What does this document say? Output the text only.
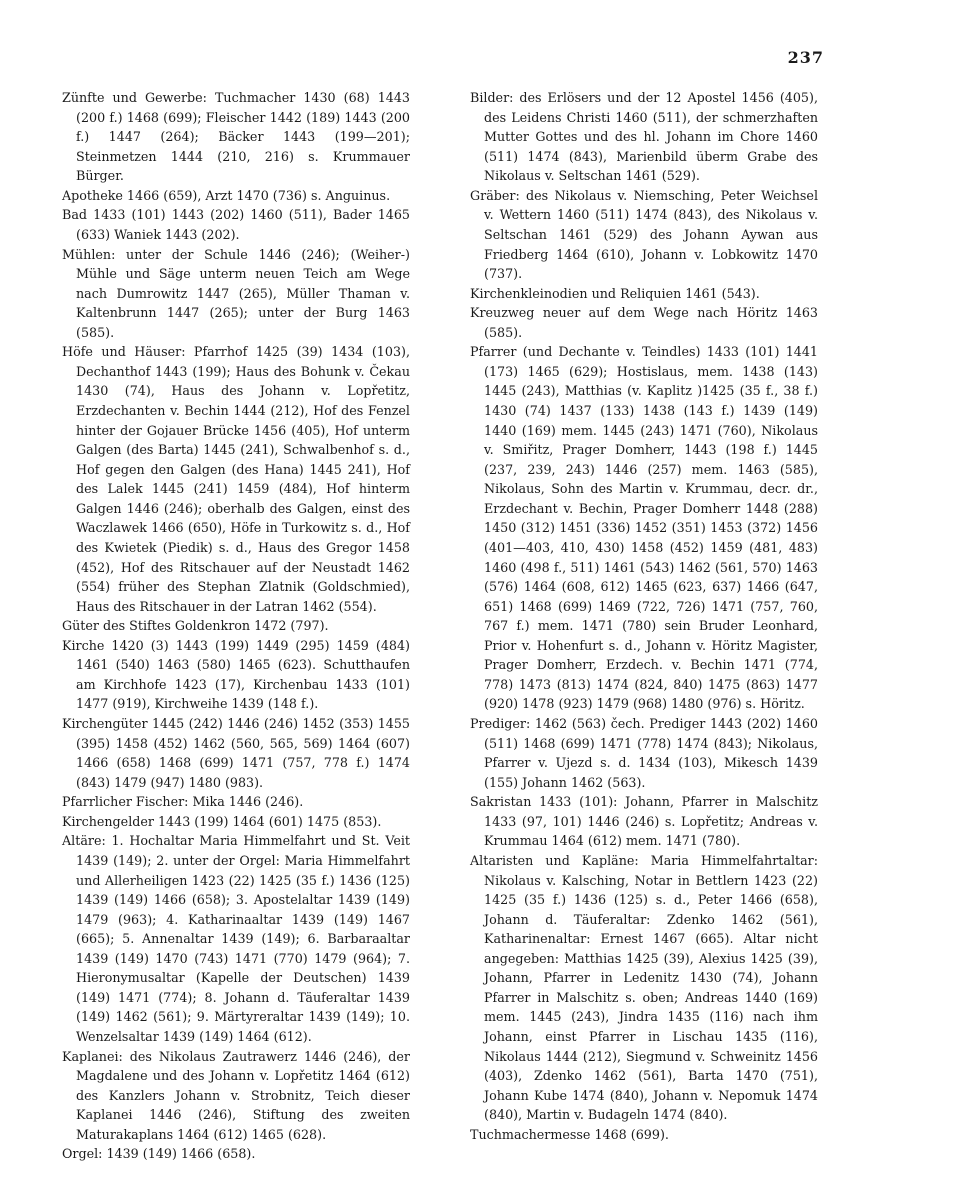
237

Zünfte und Gewerbe: Tuchmacher 1430 (68) 1443 (200 f.) 1468 (699); Fleischer 1442 (189) 1443 (200 f.) 1447 (264); Bäcker 1443 (199—201); Steinmetzen 1444 (210, 216) s. Krummauer Bürger.

Apotheke 1466 (659), Arzt 1470 (736) s. Anguinus.

Bad 1433 (101) 1443 (202) 1460 (511), Bader 1465 (633) Waniek 1443 (202).

Mühlen: unter der Schule 1446 (246); (Weiher-) Mühle und Säge unterm neuen Teich am Wege nach Dumrowitz 1447 (265), Müller Thaman v. Kaltenbrunn 1447 (265); unter der Burg 1463 (585).

Höfe und Häuser: Pfarrhof 1425 (39) 1434 (103), Dechanthof 1443 (199); Haus des Bohunk v. Čekau 1430 (74), Haus des Johann v. Lopřetitz, Erzdechanten v. Bechin 1444 (212), Hof des Fenzel hinter der Gojauer Brücke 1456 (405), Hof unterm Galgen (des Barta) 1445 (241), Schwalbenhof s. d., Hof gegen den Galgen (des Hana) 1445 241), Hof des Lalek 1445 (241) 1459 (484), Hof hinterm Galgen 1446 (246); oberhalb des Galgen, einst des Waczlawek 1466 (650), Höfe in Turkowitz s. d., Hof des Kwietek (Piedik) s. d., Haus des Gregor 1458 (452), Hof des Ritschauer auf der Neustadt 1462 (554) früher des Stephan Zlatnik (Goldschmied), Haus des Ritschauer in der Latran 1462 (554).

Güter des Stiftes Goldenkron 1472 (797).

Kirche 1420 (3) 1443 (199) 1449 (295) 1459 (484) 1461 (540) 1463 (580) 1465 (623). Schutthaufen am Kirchhofe 1423 (17), Kirchenbau 1433 (101) 1477 (919), Kirchweihe 1439 (148 f.).

Kirchengüter 1445 (242) 1446 (246) 1452 (353) 1455 (395) 1458 (452) 1462 (560, 565, 569) 1464 (607) 1466 (658) 1468 (699) 1471 (757, 778 f.) 1474 (843) 1479 (947) 1480 (983).

Pfarrlicher Fischer: Mika 1446 (246).

Kirchengelder 1443 (199) 1464 (601) 1475 (853).

Altäre: 1. Hochaltar Maria Himmelfahrt und St. Veit 1439 (149); 2. unter der Orgel: Maria Himmelfahrt und Allerheiligen 1423 (22) 1425 (35 f.) 1436 (125) 1439 (149) 1466 (658); 3. Apostelaltar 1439 (149) 1479 (963); 4. Katharinaaltar 1439 (149) 1467 (665); 5. Annenaltar 1439 (149); 6. Barbaraaltar 1439 (149) 1470 (743) 1471 (770) 1479 (964); 7. Hieronymusaltar (Kapelle der Deutschen) 1439 (149) 1471 (774); 8. Johann d. Täuferaltar 1439 (149) 1462 (561); 9. Märtyreraltar 1439 (149); 10. Wenzelsaltar 1439 (149) 1464 (612).

Kaplanei: des Nikolaus Zautrawerz 1446 (246), der Magdalene und des Johann v. Lopřetitz 1464 (612) des Kanzlers Johann v. Strobnitz, Teich dieser Kaplanei 1446 (246), Stiftung des zweiten Maturakaplans 1464 (612) 1465 (628).

Orgel: 1439 (149) 1466 (658).

Bilder: des Erlösers und der 12 Apostel 1456 (405), des Leidens Christi 1460 (511), der schmerzhaften Mutter Gottes und des hl. Johann im Chore 1460 (511) 1474 (843), Marienbild überm Grabe des Nikolaus v. Seltschan 1461 (529).

Gräber: des Nikolaus v. Niemsching, Peter Weichsel v. Wettern 1460 (511) 1474 (843), des Nikolaus v. Seltschan 1461 (529) des Johann Aywan aus Friedberg 1464 (610), Johann v. Lobkowitz 1470 (737).

Kirchenkleinodien und Reliquien 1461 (543).

Kreuzweg neuer auf dem Wege nach Höritz 1463 (585).

Pfarrer (und Dechante v. Teindles) 1433 (101) 1441 (173) 1465 (629); Hostislaus, mem. 1438 (143) 1445 (243), Matthias (v. Kaplitz )1425 (35 f., 38 f.) 1430 (74) 1437 (133) 1438 (143 f.) 1439 (149) 1440 (169) mem. 1445 (243) 1471 (760), Nikolaus v. Smiřitz, Prager Domherr, 1443 (198 f.) 1445 (237, 239, 243) 1446 (257) mem. 1463 (585), Nikolaus, Sohn des Martin v. Krummau, decr. dr., Erzdechant v. Bechin, Prager Domherr 1448 (288) 1450 (312) 1451 (336) 1452 (351) 1453 (372) 1456 (401—403, 410, 430) 1458 (452) 1459 (481, 483) 1460 (498 f., 511) 1461 (543) 1462 (561, 570) 1463 (576) 1464 (608, 612) 1465 (623, 637) 1466 (647, 651) 1468 (699) 1469 (722, 726) 1471 (757, 760, 767 f.) mem. 1471 (780) sein Bruder Leonhard, Prior v. Hohenfurt s. d., Johann v. Höritz Magister, Prager Domherr, Erzdech. v. Bechin 1471 (774, 778) 1473 (813) 1474 (824, 840) 1475 (863) 1477 (920) 1478 (923) 1479 (968) 1480 (976) s. Höritz.

Prediger: 1462 (563) čech. Prediger 1443 (202) 1460 (511) 1468 (699) 1471 (778) 1474 (843); Nikolaus, Pfarrer v. Ujezd s. d. 1434 (103), Mikesch 1439 (155) Johann 1462 (563).

Sakristan 1433 (101): Johann, Pfarrer in Malschitz 1433 (97, 101) 1446 (246) s. Lopřetitz; Andreas v. Krummau 1464 (612) mem. 1471 (780).

Altaristen und Kapläne: Maria Himmelfahrtaltar: Nikolaus v. Kalsching, Notar in Bettlern 1423 (22) 1425 (35 f.) 1436 (125) s. d., Peter 1466 (658), Johann d. Täuferaltar: Zdenko 1462 (561), Katharinenaltar: Ernest 1467 (665). Altar nicht angegeben: Matthias 1425 (39), Alexius 1425 (39), Johann, Pfarrer in Ledenitz 1430 (74), Johann Pfarrer in Malschitz s. oben; Andreas 1440 (169) mem. 1445 (243), Jindra 1435 (116) nach ihm Johann, einst Pfarrer in Lischau 1435 (116), Nikolaus 1444 (212), Siegmund v. Schweinitz 1456 (403), Zdenko 1462 (561), Barta 1470 (751), Johann Kube 1474 (840), Johann v. Nepomuk 1474 (840), Martin v. Budageln 1474 (840).

Tuchmachermesse 1468 (699).
